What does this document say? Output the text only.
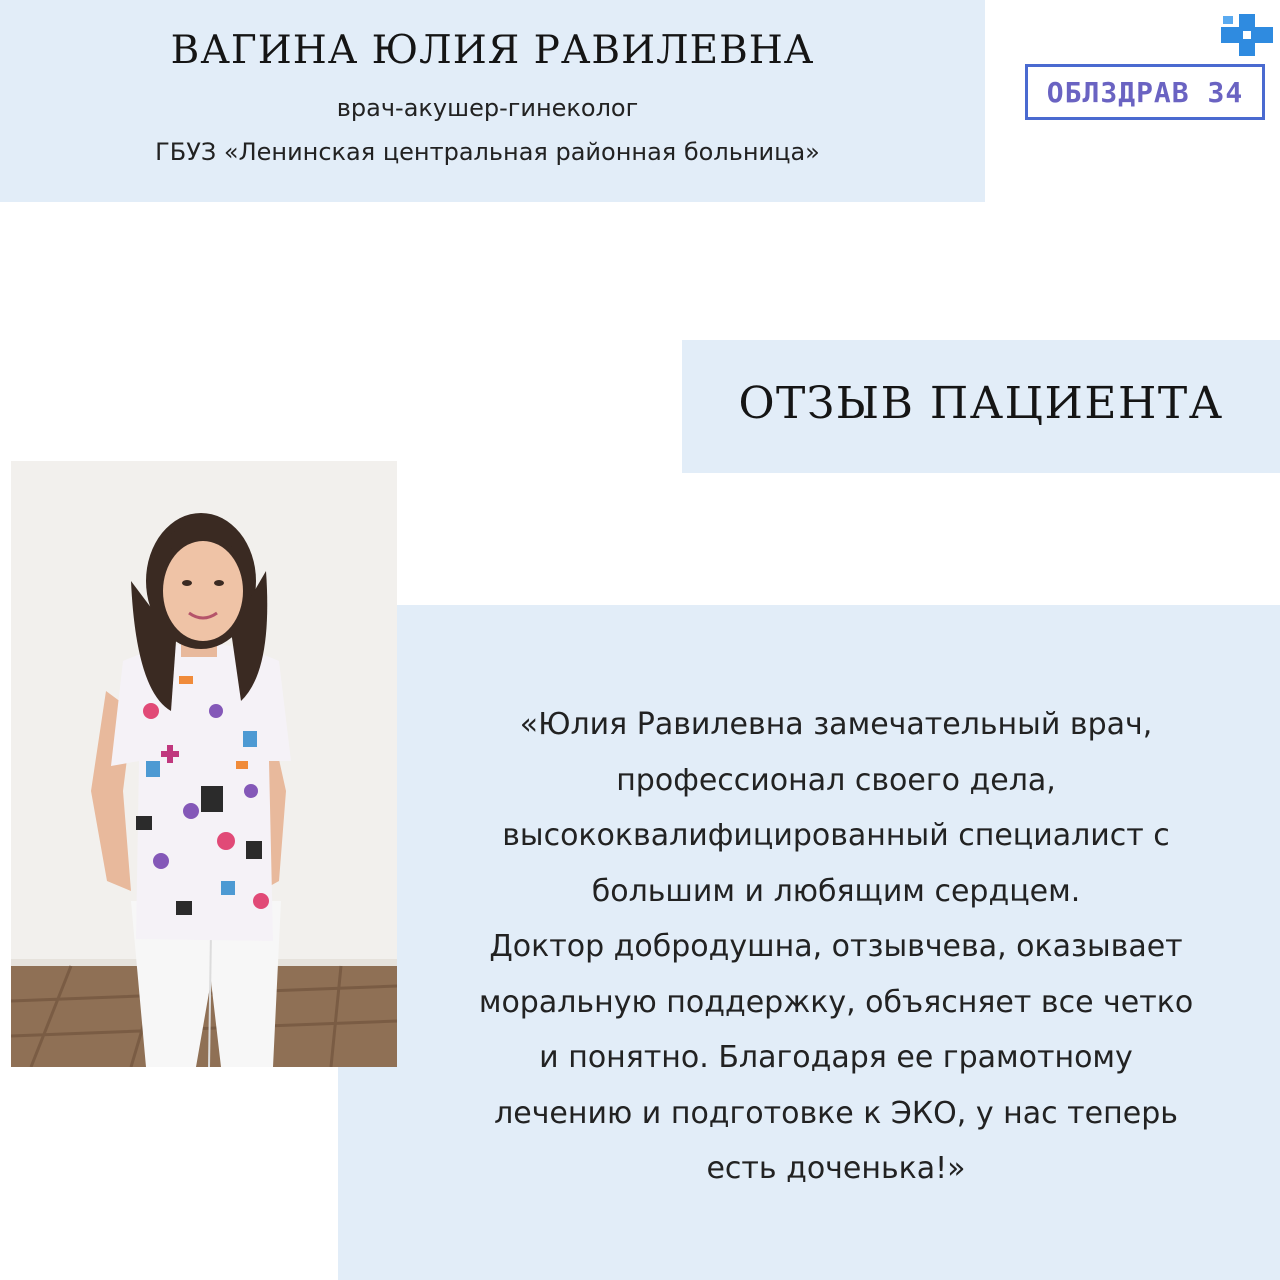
ВАГИНА ЮЛИЯ РАВИЛЕВНА
врач-акушер-гинеколог
ГБУЗ «Ленинская центральная районная больница»
ОБЛЗДРАВ 34
ОТЗЫВ ПАЦИЕНТА
«Юлия Равилевна замечательный врач,
профессионал своего дела,
высококвалифицированный специалист с
большим и любящим сердцем.
Доктор добродушна, отзывчева, оказывает
моральную поддержку, объясняет все четко
и понятно. Благодаря ее грамотному
лечению и подготовке к ЭКО, у нас теперь
есть доченька!»
